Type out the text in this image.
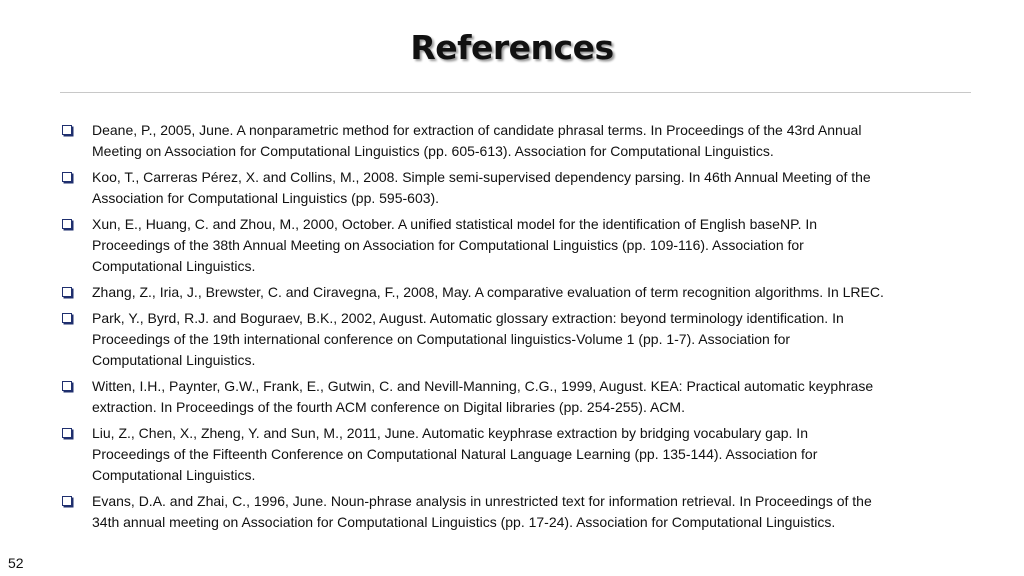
References
Deane, P., 2005, June. A nonparametric method for extraction of candidate phrasal terms. In Proceedings of the 43rd Annual
Meeting on Association for Computational Linguistics (pp. 605-613). Association for Computational Linguistics.
Koo, T., Carreras Pérez, X. and Collins, M., 2008. Simple semi-supervised dependency parsing. In 46th Annual Meeting of the
Association for Computational Linguistics (pp. 595-603).
Xun, E., Huang, C. and Zhou, M., 2000, October. A unified statistical model for the identification of English baseNP. In
Proceedings of the 38th Annual Meeting on Association for Computational Linguistics (pp. 109-116). Association for
Computational Linguistics.
Zhang, Z., Iria, J., Brewster, C. and Ciravegna, F., 2008, May. A comparative evaluation of term recognition algorithms. In LREC.
Park, Y., Byrd, R.J. and Boguraev, B.K., 2002, August. Automatic glossary extraction: beyond terminology identification. In
Proceedings of the 19th international conference on Computational linguistics-Volume 1 (pp. 1-7). Association for
Computational Linguistics.
Witten, I.H., Paynter, G.W., Frank, E., Gutwin, C. and Nevill-Manning, C.G., 1999, August. KEA: Practical automatic keyphrase
extraction. In Proceedings of the fourth ACM conference on Digital libraries (pp. 254-255). ACM.
Liu, Z., Chen, X., Zheng, Y. and Sun, M., 2011, June. Automatic keyphrase extraction by bridging vocabulary gap. In
Proceedings of the Fifteenth Conference on Computational Natural Language Learning (pp. 135-144). Association for
Computational Linguistics.
Evans, D.A. and Zhai, C., 1996, June. Noun-phrase analysis in unrestricted text for information retrieval. In Proceedings of the
34th annual meeting on Association for Computational Linguistics (pp. 17-24). Association for Computational Linguistics.
52
